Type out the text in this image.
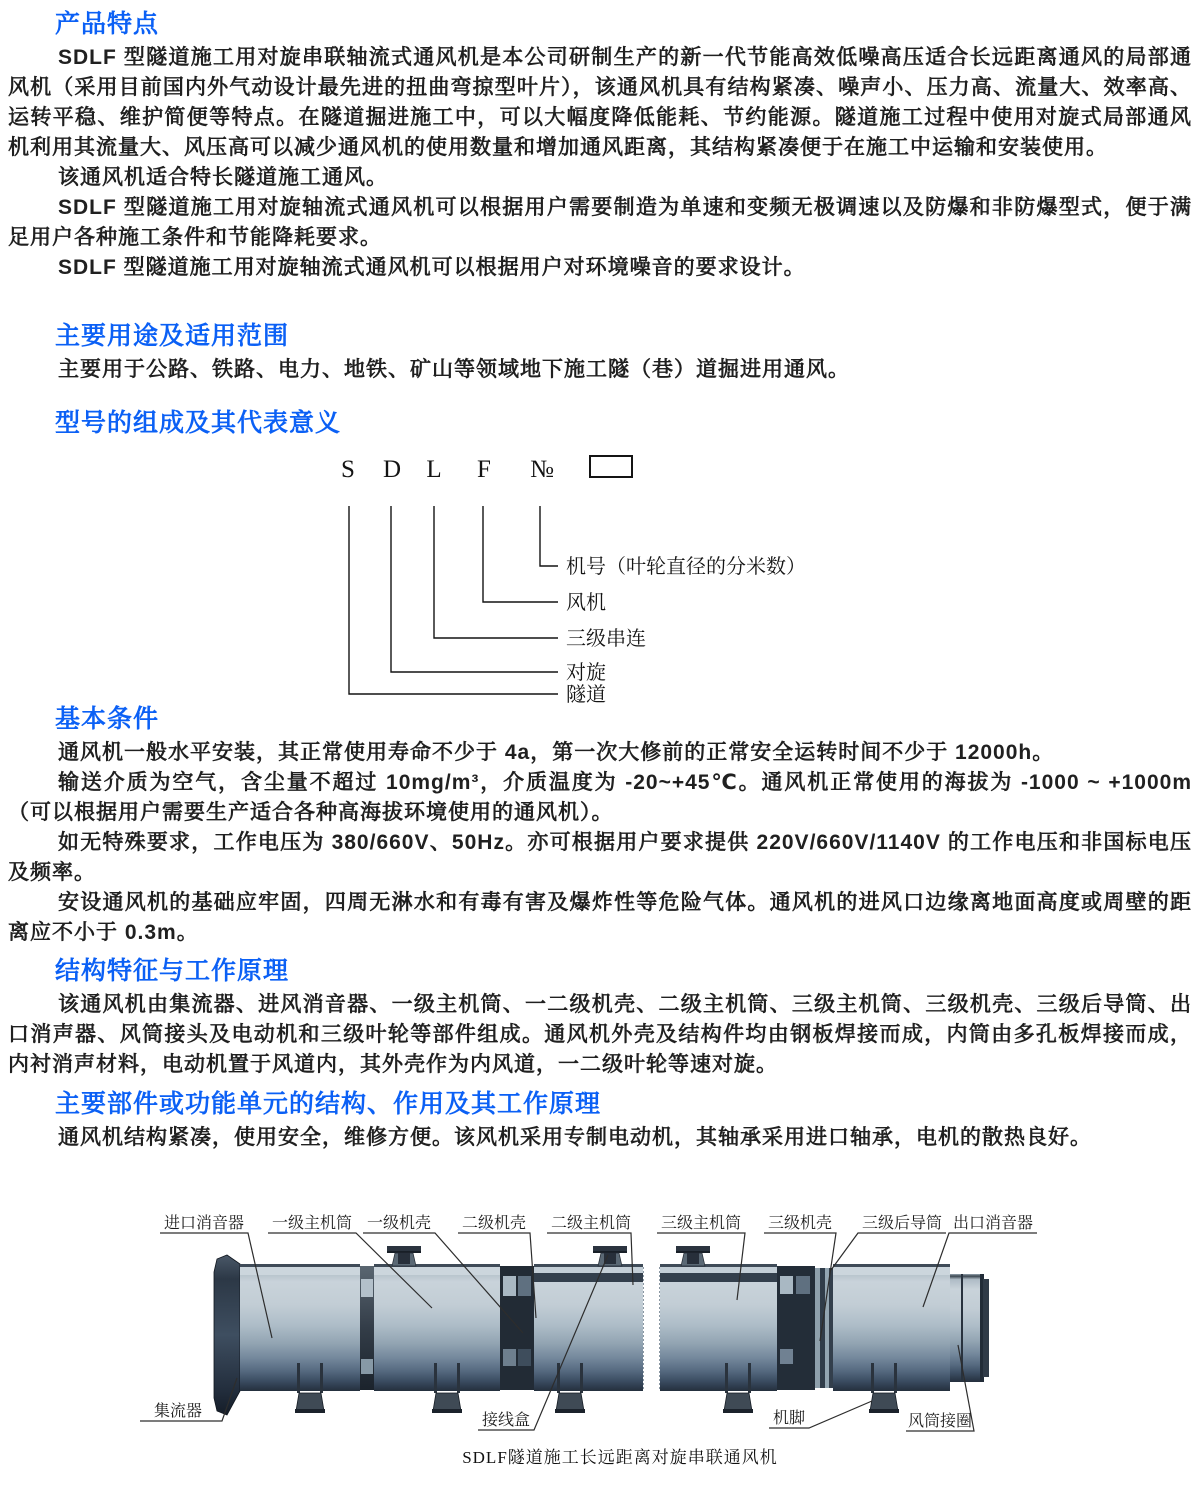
产品特点

SDLF 型隧道施工用对旋串联轴流式通风机是本公司研制生产的新一代节能高效低噪高压适合长远距离通风的局部通风机（采用目前国内外气动设计最先进的扭曲弯掠型叶片），该通风机具有结构紧凑、噪声小、压力高、流量大、效率高、运转平稳、维护简便等特点。在隧道掘进施工中，可以大幅度降低能耗、节约能源。隧道施工过程中使用对旋式局部通风机利用其流量大、风压高可以减少通风机的使用数量和增加通风距离，其结构紧凑便于在施工中运输和安装使用。

该通风机适合特长隧道施工通风。

SDLF 型隧道施工用对旋轴流式通风机可以根据用户需要制造为单速和变频无极调速以及防爆和非防爆型式，便于满足用户各种施工条件和节能降耗要求。

SDLF 型隧道施工用对旋轴流式通风机可以根据用户对环境噪音的要求设计。

主要用途及适用范围

主要用于公路、铁路、电力、地铁、矿山等领域地下施工隧（巷）道掘进用通风。

型号的组成及其代表意义
S D L F №
机号（叶轮直径的分米数）
风机
三级串连
对旋
隧道
基本条件

通风机一般水平安装，其正常使用寿命不少于 4a，第一次大修前的正常安全运转时间不少于 12000h。

输送介质为空气，含尘量不超过 10mg/m³，介质温度为 -20~+45℃。通风机正常使用的海拔为 -1000 ~ +1000m（可以根据用户需要生产适合各种高海拔环境使用的通风机）。

如无特殊要求，工作电压为 380/660V、50Hz。亦可根据用户要求提供 220V/660V/1140V 的工作电压和非国标电压及频率。

安设通风机的基础应牢固，四周无淋水和有毒有害及爆炸性等危险气体。通风机的进风口边缘离地面高度或周壁的距离应不小于 0.3m。

结构特征与工作原理

该通风机由集流器、进风消音器、一级主机筒、一二级机壳、二级主机筒、三级主机筒、三级机壳、三级后导筒、出口消声器、风筒接头及电动机和三级叶轮等部件组成。通风机外壳及结构件均由钢板焊接而成，内筒由多孔板焊接而成，内衬消声材料，电动机置于风道内，其外壳作为内风道，一二级叶轮等速对旋。

主要部件或功能单元的结构、作用及其工作原理

通风机结构紧凑，使用安全，维修方便。该风机采用专制电动机，其轴承采用进口轴承，电机的散热良好。

进口消音器 一级主机筒 一级机壳 二级机壳 二级主机筒 三级主机筒 三级机壳 三级后导筒 出口消音器
集流器
接线盒	机脚	风筒接圈
SDLF隧道施工长远距离对旋串联通风机
